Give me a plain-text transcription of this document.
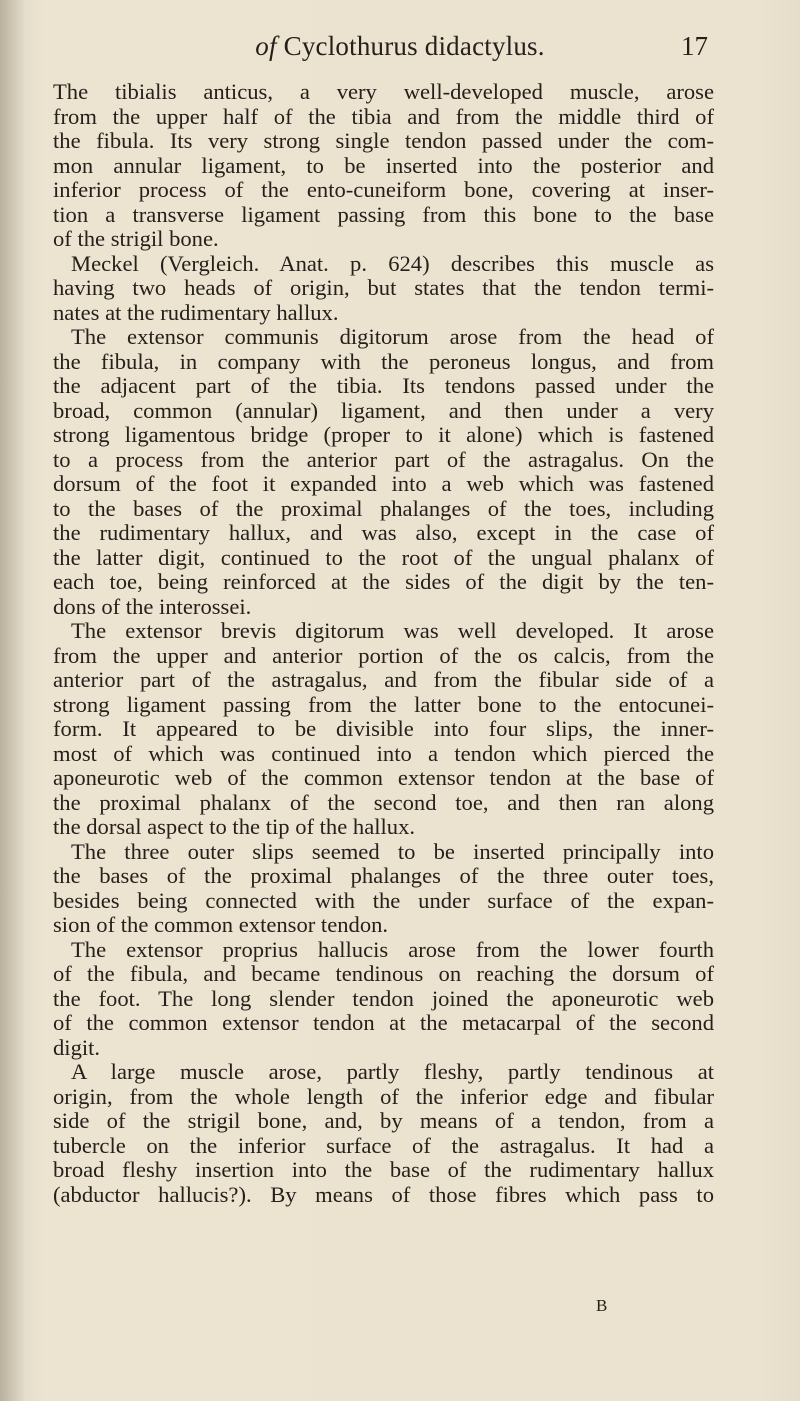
of Cyclothurus didactylus.	17
The tibialis anticus, a very well-developed muscle, arose
from the upper half of the tibia and from the middle third of
the fibula. Its very strong single tendon passed under the com-
mon annular ligament, to be inserted into the posterior and
inferior process of the ento-cuneiform bone, covering at inser-
tion a transverse ligament passing from this bone to the base
of the strigil bone.
Meckel (Vergleich. Anat. p. 624) describes this muscle as
having two heads of origin, but states that the tendon termi-
nates at the rudimentary hallux.
The extensor communis digitorum arose from the head of
the fibula, in company with the peroneus longus, and from
the adjacent part of the tibia. Its tendons passed under the
broad, common (annular) ligament, and then under a very
strong ligamentous bridge (proper to it alone) which is fastened
to a process from the anterior part of the astragalus. On the
dorsum of the foot it expanded into a web which was fastened
to the bases of the proximal phalanges of the toes, including
the rudimentary hallux, and was also, except in the case of
the latter digit, continued to the root of the ungual phalanx of
each toe, being reinforced at the sides of the digit by the ten-
dons of the interossei.
The extensor brevis digitorum was well developed. It arose
from the upper and anterior portion of the os calcis, from the
anterior part of the astragalus, and from the fibular side of a
strong ligament passing from the latter bone to the entocunei-
form. It appeared to be divisible into four slips, the inner-
most of which was continued into a tendon which pierced the
aponeurotic web of the common extensor tendon at the base of
the proximal phalanx of the second toe, and then ran along
the dorsal aspect to the tip of the hallux.
The three outer slips seemed to be inserted principally into
the bases of the proximal phalanges of the three outer toes,
besides being connected with the under surface of the expan-
sion of the common extensor tendon.
The extensor proprius hallucis arose from the lower fourth
of the fibula, and became tendinous on reaching the dorsum of
the foot. The long slender tendon joined the aponeurotic web
of the common extensor tendon at the metacarpal of the second
digit.
A large muscle arose, partly fleshy, partly tendinous at
origin, from the whole length of the inferior edge and fibular
side of the strigil bone, and, by means of a tendon, from a
tubercle on the inferior surface of the astragalus. It had a
broad fleshy insertion into the base of the rudimentary hallux
(abductor hallucis?). By means of those fibres which pass to
B
